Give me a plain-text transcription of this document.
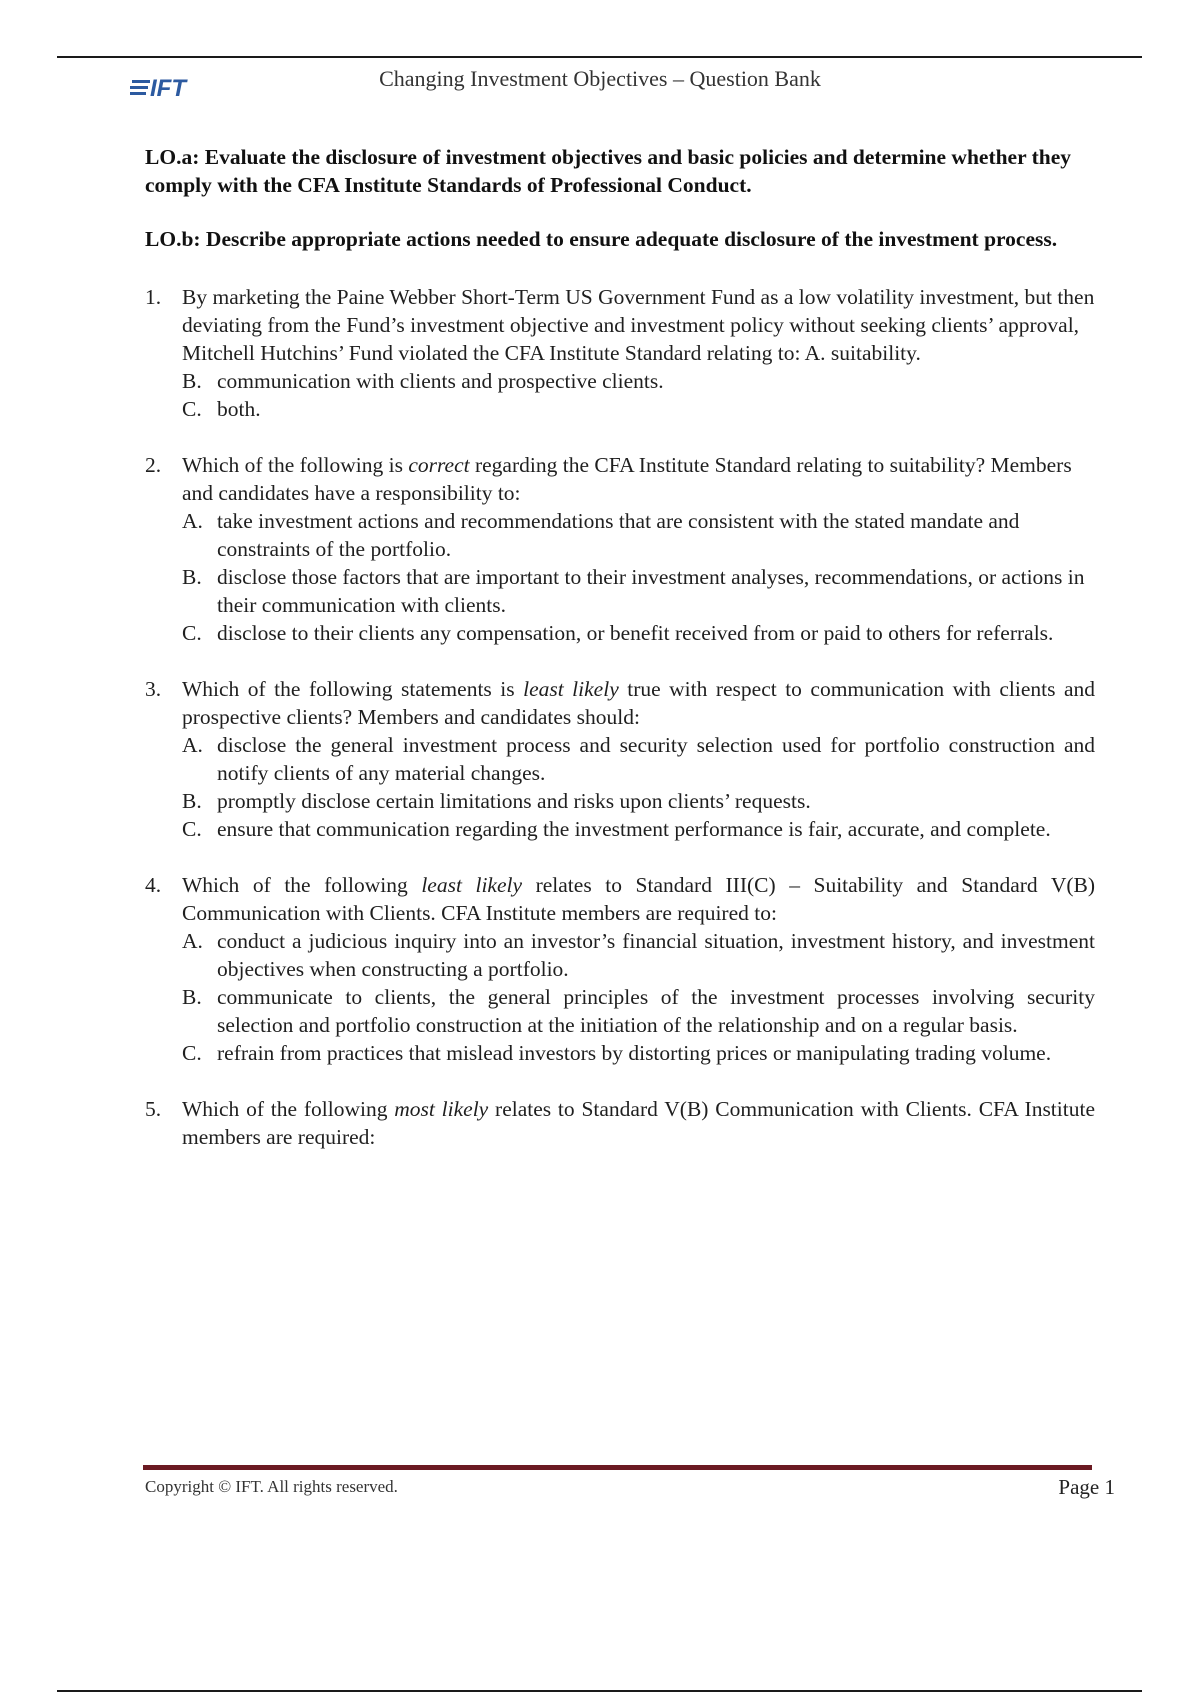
IFT	Changing Investment Objectives – Question Bank

LO.a: Evaluate the disclosure of investment objectives and basic policies and determine whether they comply with the CFA Institute Standards of Professional Conduct.

LO.b: Describe appropriate actions needed to ensure adequate disclosure of the investment process.

1. By marketing the Paine Webber Short-Term US Government Fund as a low volatility investment, but then deviating from the Fund’s investment objective and investment policy without seeking clients’ approval, Mitchell Hutchins’ Fund violated the CFA Institute Standard relating to: A. suitability.

B. communication with clients and prospective clients.

C. both.

2. Which of the following is correct regarding the CFA Institute Standard relating to suitability? Members and candidates have a responsibility to:

A. take investment actions and recommendations that are consistent with the stated mandate and constraints of the portfolio.

B. disclose those factors that are important to their investment analyses, recommendations, or actions in their communication with clients.

C. disclose to their clients any compensation, or benefit received from or paid to others for referrals.

3. Which of the following statements is least likely true with respect to communication with clients and prospective clients? Members and candidates should:

A. disclose the general investment process and security selection used for portfolio construction and notify clients of any material changes.

B. promptly disclose certain limitations and risks upon clients’ requests.

C. ensure that communication regarding the investment performance is fair, accurate, and complete.

4. Which of the following least likely relates to Standard III(C) – Suitability and Standard V(B) Communication with Clients. CFA Institute members are required to:

A. conduct a judicious inquiry into an investor’s financial situation, investment history, and investment objectives when constructing a portfolio.

B. communicate to clients, the general principles of the investment processes involving security selection and portfolio construction at the initiation of the relationship and on a regular basis.

C. refrain from practices that mislead investors by distorting prices or manipulating trading volume.

5. Which of the following most likely relates to Standard V(B) Communication with Clients. CFA Institute members are required:

Copyright © IFT. All rights reserved.	Page 1
